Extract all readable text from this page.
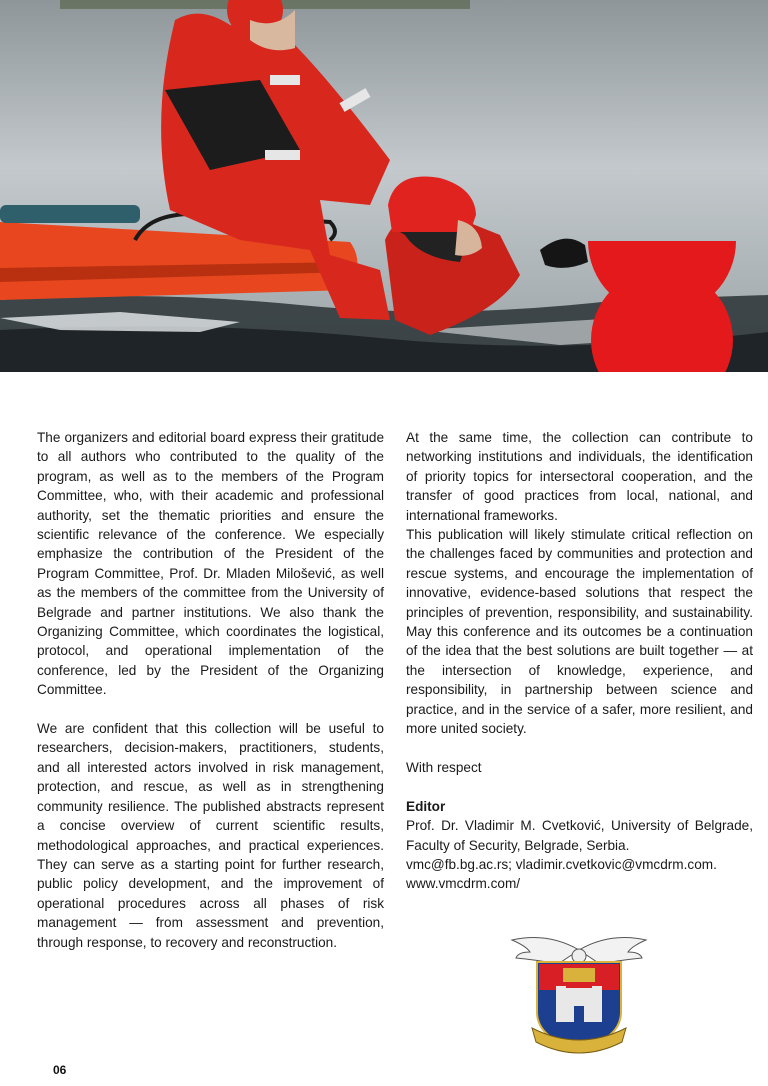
The organizers and editorial board express their gratitude to all authors who contributed to the quality of the program, as well as to the members of the Program Committee, who, with their academic and professional authority, set the thematic priorities and ensure the scientific relevance of the conference. We especially emphasize the contribution of the President of the Program Committee, Prof. Dr. Mladen Milošević, as well as the members of the committee from the University of Belgrade and partner institutions. We also thank the Organizing Committee, which coordinates the logistical, protocol, and operational implementation of the conference, led by the President of the Organizing Committee.

We are confident that this collection will be useful to researchers, decision-makers, practitioners, students, and all interested actors involved in risk management, protection, and rescue, as well as in strengthening community resilience. The published abstracts represent a concise overview of current scientific results, methodological approaches, and practical experiences. They can serve as a starting point for further research, public policy development, and the improvement of operational procedures across all phases of risk management — from assessment and prevention, through response, to recovery and reconstruction.

At the same time, the collection can contribute to networking institutions and individuals, the identification of priority topics for intersectoral cooperation, and the transfer of good practices from local, national, and international frameworks.

This publication will likely stimulate critical reflection on the challenges faced by communities and protection and rescue systems, and encourage the implementation of innovative, evidence-based solutions that respect the principles of prevention, responsibility, and sustainability. May this conference and its outcomes be a continuation of the idea that the best solutions are built together — at the intersection of knowledge, experience, and responsibility, in partnership between science and practice, and in the service of a safer, more resilient, and more united society.

With respect

Editor

Prof. Dr. Vladimir M. Cvetković, University of Belgrade, Faculty of Security, Belgrade, Serbia.

vmc@fb.bg.ac.rs; vladimir.cvetkovic@vmcdrm.com.

www.vmcdrm.com/

06
